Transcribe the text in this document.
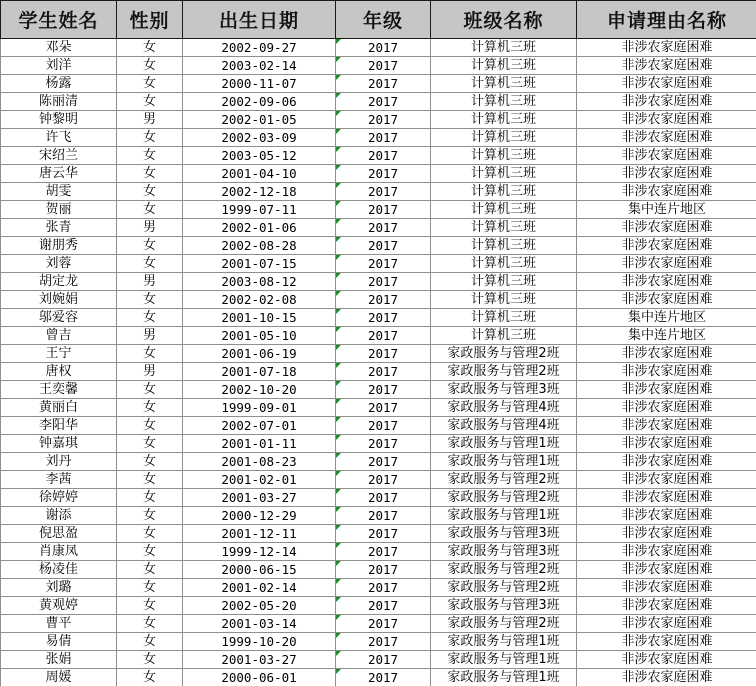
学生姓名	性别	出生日期	年级	班级名称	申请理由名称
邓朵	女	2002-09-27	2017	计算机三班	非涉农家庭困难
刘洋	女	2003-02-14	2017	计算机三班	非涉农家庭困难
杨露	女	2000-11-07	2017	计算机三班	非涉农家庭困难
陈丽清	女	2002-09-06	2017	计算机三班	非涉农家庭困难
钟黎明	男	2002-01-05	2017	计算机三班	非涉农家庭困难
许飞	女	2002-03-09	2017	计算机三班	非涉农家庭困难
宋绍兰	女	2003-05-12	2017	计算机三班	非涉农家庭困难
唐云华	女	2001-04-10	2017	计算机三班	非涉农家庭困难
胡雯	女	2002-12-18	2017	计算机三班	非涉农家庭困难
贺丽	女	1999-07-11	2017	计算机三班	集中连片地区
张青	男	2002-01-06	2017	计算机三班	非涉农家庭困难
谢朋秀	女	2002-08-28	2017	计算机三班	非涉农家庭困难
刘蓉	女	2001-07-15	2017	计算机三班	非涉农家庭困难
胡定龙	男	2003-08-12	2017	计算机三班	非涉农家庭困难
刘婉娟	女	2002-02-08	2017	计算机三班	非涉农家庭困难
邬爱容	女	2001-10-15	2017	计算机三班	集中连片地区
曾吉	男	2001-05-10	2017	计算机三班	集中连片地区
王宁	女	2001-06-19	2017	家政服务与管理2班	非涉农家庭困难
唐权	男	2001-07-18	2017	家政服务与管理2班	非涉农家庭困难
王奕馨	女	2002-10-20	2017	家政服务与管理3班	非涉农家庭困难
黄丽白	女	1999-09-01	2017	家政服务与管理4班	非涉农家庭困难
李阳华	女	2002-07-01	2017	家政服务与管理4班	非涉农家庭困难
钟嘉琪	女	2001-01-11	2017	家政服务与管理1班	非涉农家庭困难
刘丹	女	2001-08-23	2017	家政服务与管理1班	非涉农家庭困难
李茜	女	2001-02-01	2017	家政服务与管理2班	非涉农家庭困难
徐婷婷	女	2001-03-27	2017	家政服务与管理2班	非涉农家庭困难
谢添	女	2000-12-29	2017	家政服务与管理1班	非涉农家庭困难
倪思盈	女	2001-12-11	2017	家政服务与管理3班	非涉农家庭困难
肖康凤	女	1999-12-14	2017	家政服务与管理3班	非涉农家庭困难
杨凌佳	女	2000-06-15	2017	家政服务与管理2班	非涉农家庭困难
刘璐	女	2001-02-14	2017	家政服务与管理2班	非涉农家庭困难
黄观婷	女	2002-05-20	2017	家政服务与管理3班	非涉农家庭困难
曹平	女	2001-03-14	2017	家政服务与管理2班	非涉农家庭困难
易倩	女	1999-10-20	2017	家政服务与管理1班	非涉农家庭困难
张娟	女	2001-03-27	2017	家政服务与管理1班	非涉农家庭困难
周媛	女	2000-06-01	2017	家政服务与管理1班	非涉农家庭困难
